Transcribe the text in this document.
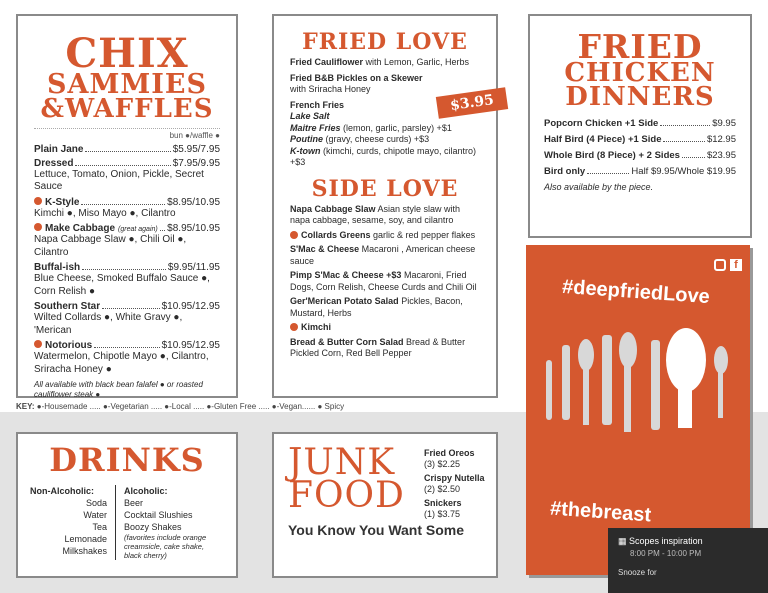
CHIX
SAMMIES
&WAFFLES
bun ●/waffle ●
Plain Jane	$5.95/7.95
Dressed	$7.95/9.95
Lettuce, Tomato, Onion, Pickle, Secret Sauce
K-Style	$8.95/10.95
Kimchi ●, Miso Mayo ●, Cilantro
Make Cabbage (great again) $8.95/10.95
Napa Cabbage Slaw ●, Chili Oil ●, Cilantro
Buffal-ish	$9.95/11.95
Blue Cheese, Smoked Buffalo Sauce ●, Corn Relish ●
Southern Star	$10.95/12.95
Wilted Collards ●, White Gravy ●, 'Merican
Notorious	$10.95/12.95
Watermelon, Chipotle Mayo ●, Cilantro, Sriracha Honey ●
All available with black bean falafel ● or roasted cauliflower steak ●
FRIED LOVE
Fried Cauliflower with Lemon, Garlic, Herbs
Fried B&B Pickles on a Skewer
with Sriracha Honey
French Fries
Lake Salt
Maitre Fries (lemon, garlic, parsley) +$1
Poutine (gravy, cheese curds) +$3
K-town (kimchi, curds, chipotle mayo, cilantro) +$3
SIDE LOVE
Napa Cabbage Slaw Asian style slaw with napa cabbage, sesame, soy, and cilantro
Collards Greens garlic & red pepper flakes
S'Mac & Cheese Macaroni , American cheese sauce
Pimp S'Mac & Cheese +$3 Macaroni, Fried Dogs, Corn Relish, Cheese Curds and Chili Oil
Ger'Merican Potato Salad Pickles, Bacon, Mustard, Herbs
Kimchi
Bread & Butter Corn Salad Bread & Butter Pickled Corn, Red Bell Pepper
$3.95
FRIED
CHICKEN
DINNERS
Popcorn Chicken +1 Side	$9.95
Half Bird (4 Piece) +1 Side	$12.95
Whole Bird (8 Piece) + 2 Sides	$23.95
Bird only	Half $9.95/Whole $19.95
Also available by the piece.
f
#deepfriedLove
#thebreast
KEY: ●-Housemade ..... ●-Vegetarian ..... ●-Local ..... ●-Gluten Free ..... ●-Vegan...... ● Spicy
DRINKS
Non-Alcoholic:
Soda
Water
Tea
Lemonade
Milkshakes
Alcoholic:
Beer
Cocktail Slushies
Boozy Shakes
(favorites include orange creamsicle, cake shake, black cherry)
JUNK
FOOD
You Know You Want Some
Fried Oreos
(3) $2.25
Crispy Nutella
(2) $2.50
Snickers
(1) $3.75
▦ Scopes inspiration
8:00 PM - 10:00 PM
Snooze for
